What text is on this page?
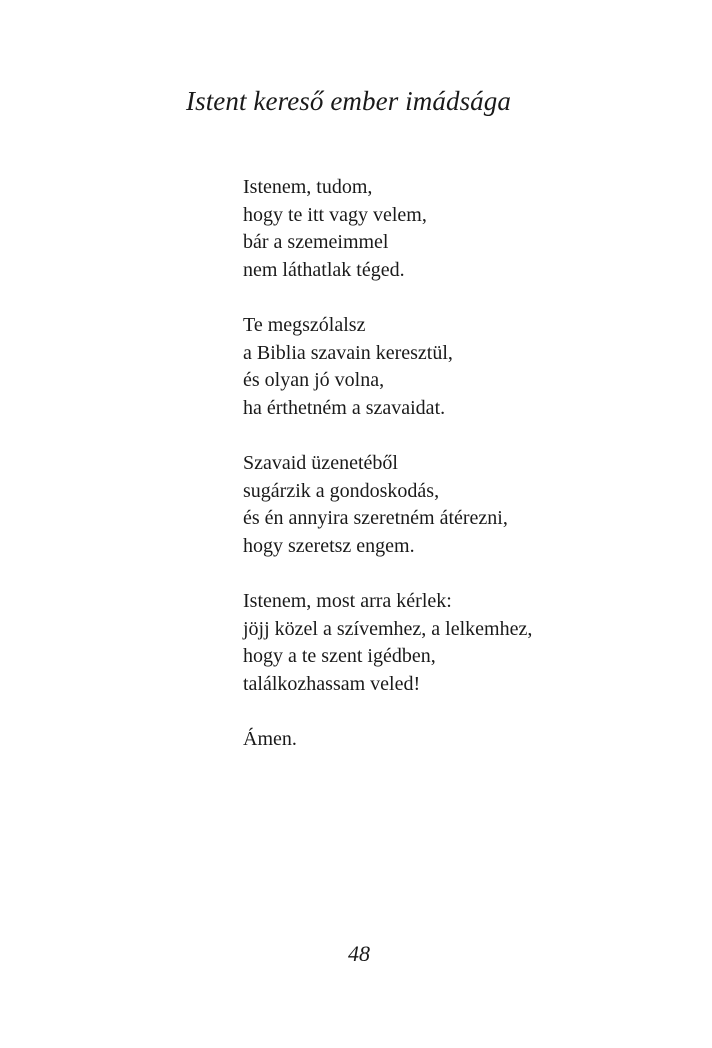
Istent kereső ember imádsága
Istenem, tudom,
hogy te itt vagy velem,
bár a szemeimmel
nem láthatlak téged.
Te megszólalsz
a Biblia szavain keresztül,
és olyan jó volna,
ha érthetném a szavaidat.
Szavaid üzenetéből
sugárzik a gondoskodás,
és én annyira szeretném átérezni,
hogy szeretsz engem.
Istenem, most arra kérlek:
jöjj közel a szívemhez, a lelkemhez,
hogy a te szent igédben,
találkozhassam veled!
Ámen.
48
